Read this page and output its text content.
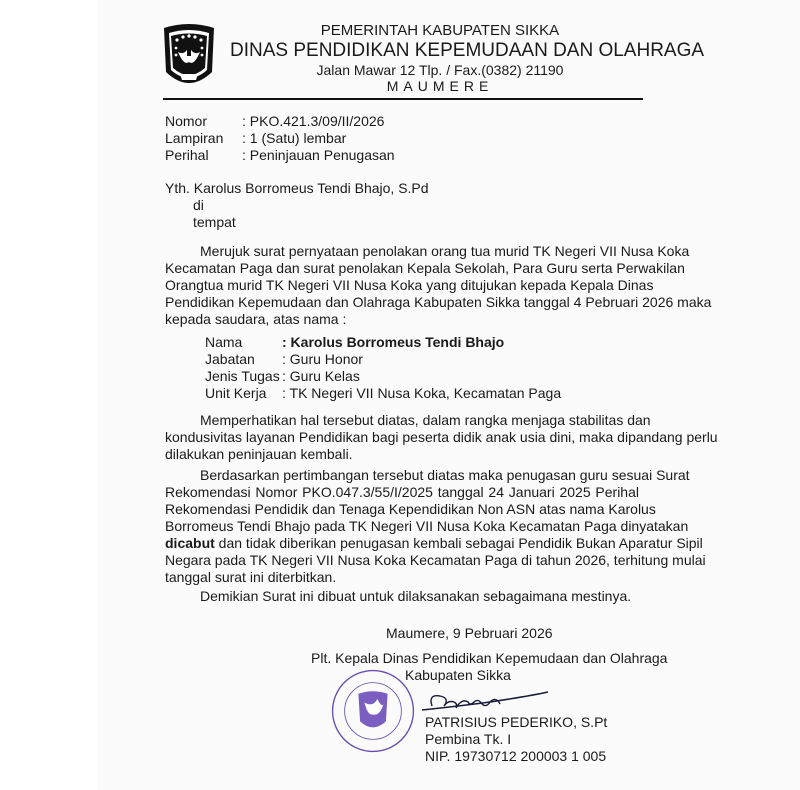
PEMERINTAH KABUPATEN SIKKA
DINAS PENDIDIKAN KEPEMUDAAN DAN OLAHRAGA
Jalan Mawar 12 Tlp. / Fax.(0382) 21190
MAUMERE
Nomor : PKO.421.3/09/II/2026
Lampiran : 1 (Satu) lembar
Perihal : Peninjauan Penugasan
Yth. Karolus Borromeus Tendi Bhajo, S.Pd
di
tempat
Merujuk surat pernyataan penolakan orang tua murid TK Negeri VII Nusa Koka
Kecamatan Paga dan surat penolakan Kepala Sekolah, Para Guru serta Perwakilan
Orangtua murid TK Negeri VII Nusa Koka yang ditujukan kepada Kepala Dinas
Pendidikan Kepemudaan dan Olahraga Kabupaten Sikka tanggal 4 Pebruari 2026 maka
kepada saudara, atas nama :
Nama	: Karolus Borromeus Tendi Bhajo
Jabatan : Guru Honor
Jenis Tugas : Guru Kelas
Unit Kerja : TK Negeri VII Nusa Koka, Kecamatan Paga
Memperhatikan hal tersebut diatas, dalam rangka menjaga stabilitas dan
kondusivitas layanan Pendidikan bagi peserta didik anak usia dini, maka dipandang perlu
dilakukan peninjauan kembali.
Berdasarkan pertimbangan tersebut diatas maka penugasan guru sesuai Surat
Rekomendasi Nomor PKO.047.3/55/I/2025 tanggal 24 Januari 2025 Perihal
Rekomendasi Pendidik dan Tenaga Kependidikan Non ASN atas nama Karolus
Borromeus Tendi Bhajo pada TK Negeri VII Nusa Koka Kecamatan Paga dinyatakan
dicabut dan tidak diberikan penugasan kembali sebagai Pendidik Bukan Aparatur Sipil
Negara pada TK Negeri VII Nusa Koka Kecamatan Paga di tahun 2026, terhitung mulai
tanggal surat ini diterbitkan.
Demikian Surat ini dibuat untuk dilaksanakan sebagaimana mestinya.
Maumere, 9 Pebruari 2026
Plt. Kepala Dinas Pendidikan Kepemudaan dan Olahraga
Kabupaten Sikka
PATRISIUS PEDERIKO, S.Pt
Pembina Tk. I
NIP. 19730712 200003 1 005
